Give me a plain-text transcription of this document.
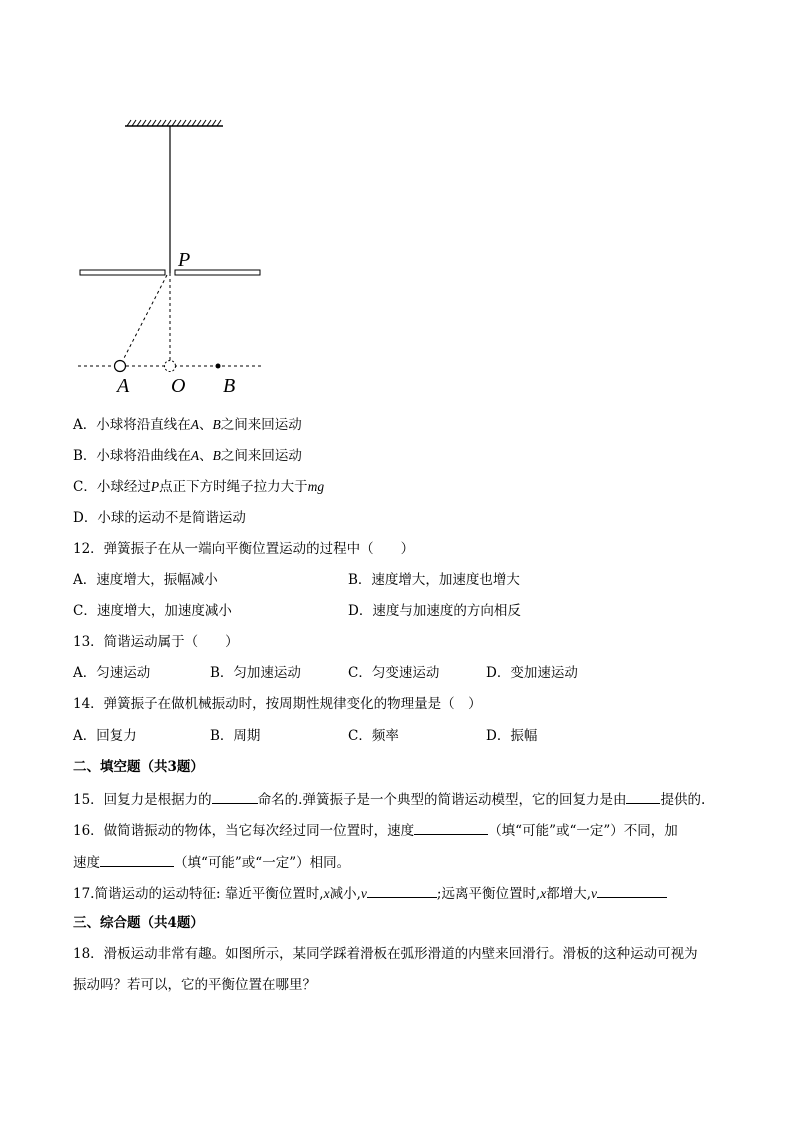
P
A O B
A．小球将沿直线在A、B之间来回运动
B．小球将沿曲线在A、B之间来回运动
C．小球经过P点正下方时绳子拉力大于mg
D．小球的运动不是简谐运动
12．弹簧振子在从一端向平衡位置运动的过程中（　　）
A．速度增大，振幅减小	B．速度增大，加速度也增大
C．速度增大，加速度减小	D．速度与加速度的方向相反
13．简谐运动属于（　　）
A．匀速运动	B．匀加速运动	C．匀变速运动	D．变加速运动
14．弹簧振子在做机械振动时，按周期性规律变化的物理量是（　）
A．回复力	B．周期	C．频率	D．振幅
二、填空题（共3题）
15．回复力是根据力的	命名的.弹簧振子是一个典型的简谐运动模型，它的回复力是由	提供的.
16．做简谐振动的物体，当它每次经过同一位置时，速度	（填“可能”或“一定”）不同，加
速度	（填“可能”或“一定”）相同。
17.简谐运动的运动特征: 靠近平衡位置时,x减小,v	;远离平衡位置时,x都增大,v
三、综合题（共4题）
18．滑板运动非常有趣。如图所示，某同学踩着滑板在弧形滑道的内壁来回滑行。滑板的这种运动可视为
振动吗？若可以，它的平衡位置在哪里？
